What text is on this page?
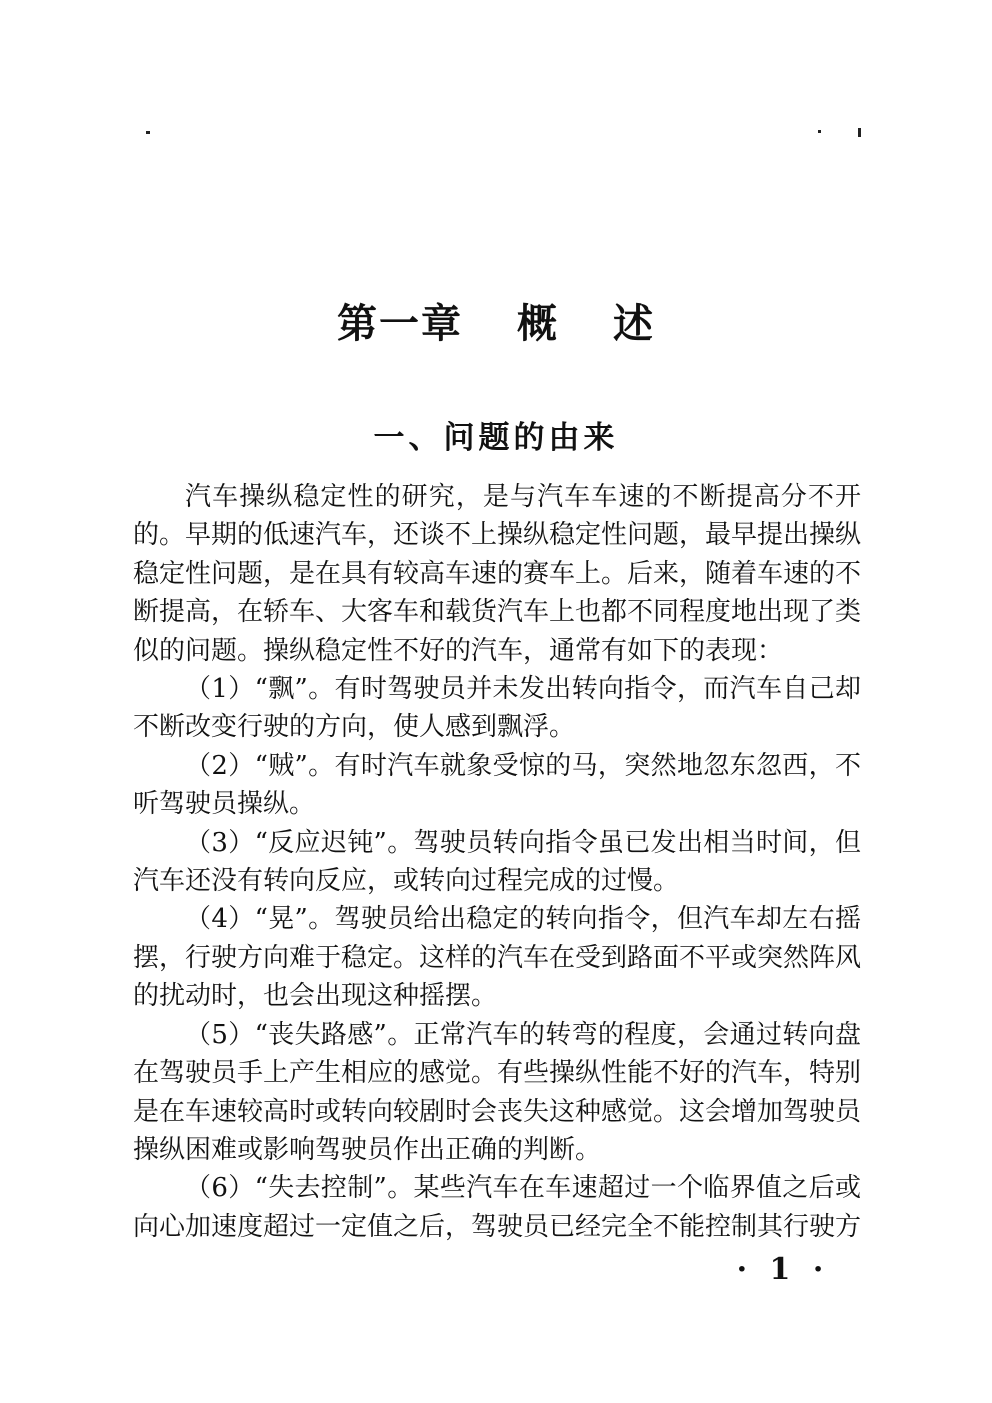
第一章 概 述
一、问题的由来

汽车操纵稳定性的研究，是与汽车车速的不断提高分不开的。早期的低速汽车，还谈不上操纵稳定性问题，最早提出操纵稳定性问题，是在具有较高车速的赛车上。后来，随着车速的不断提高，在轿车、大客车和载货汽车上也都不同程度地出现了类似的问题。操纵稳定性不好的汽车，通常有如下的表现：

（1）“飘”。有时驾驶员并未发出转向指令，而汽车自己却不断改变行驶的方向，使人感到飘浮。

（2）“贼”。有时汽车就象受惊的马，突然地忽东忽西，不听驾驶员操纵。

（3）“反应迟钝”。驾驶员转向指令虽已发出相当时间，但汽车还没有转向反应，或转向过程完成的过慢。

（4）“晃”。驾驶员给出稳定的转向指令，但汽车却左右摇摆，行驶方向难于稳定。这样的汽车在受到路面不平或突然阵风的扰动时，也会出现这种摇摆。

（5）“丧失路感”。正常汽车的转弯的程度，会通过转向盘在驾驶员手上产生相应的感觉。有些操纵性能不好的汽车，特别是在车速较高时或转向较剧时会丧失这种感觉。这会增加驾驶员操纵困难或影响驾驶员作出正确的判断。

（6）“失去控制”。某些汽车在车速超过一个临界值之后或向心加速度超过一定值之后，驾驶员已经完全不能控制其行驶方

· 1 ·
